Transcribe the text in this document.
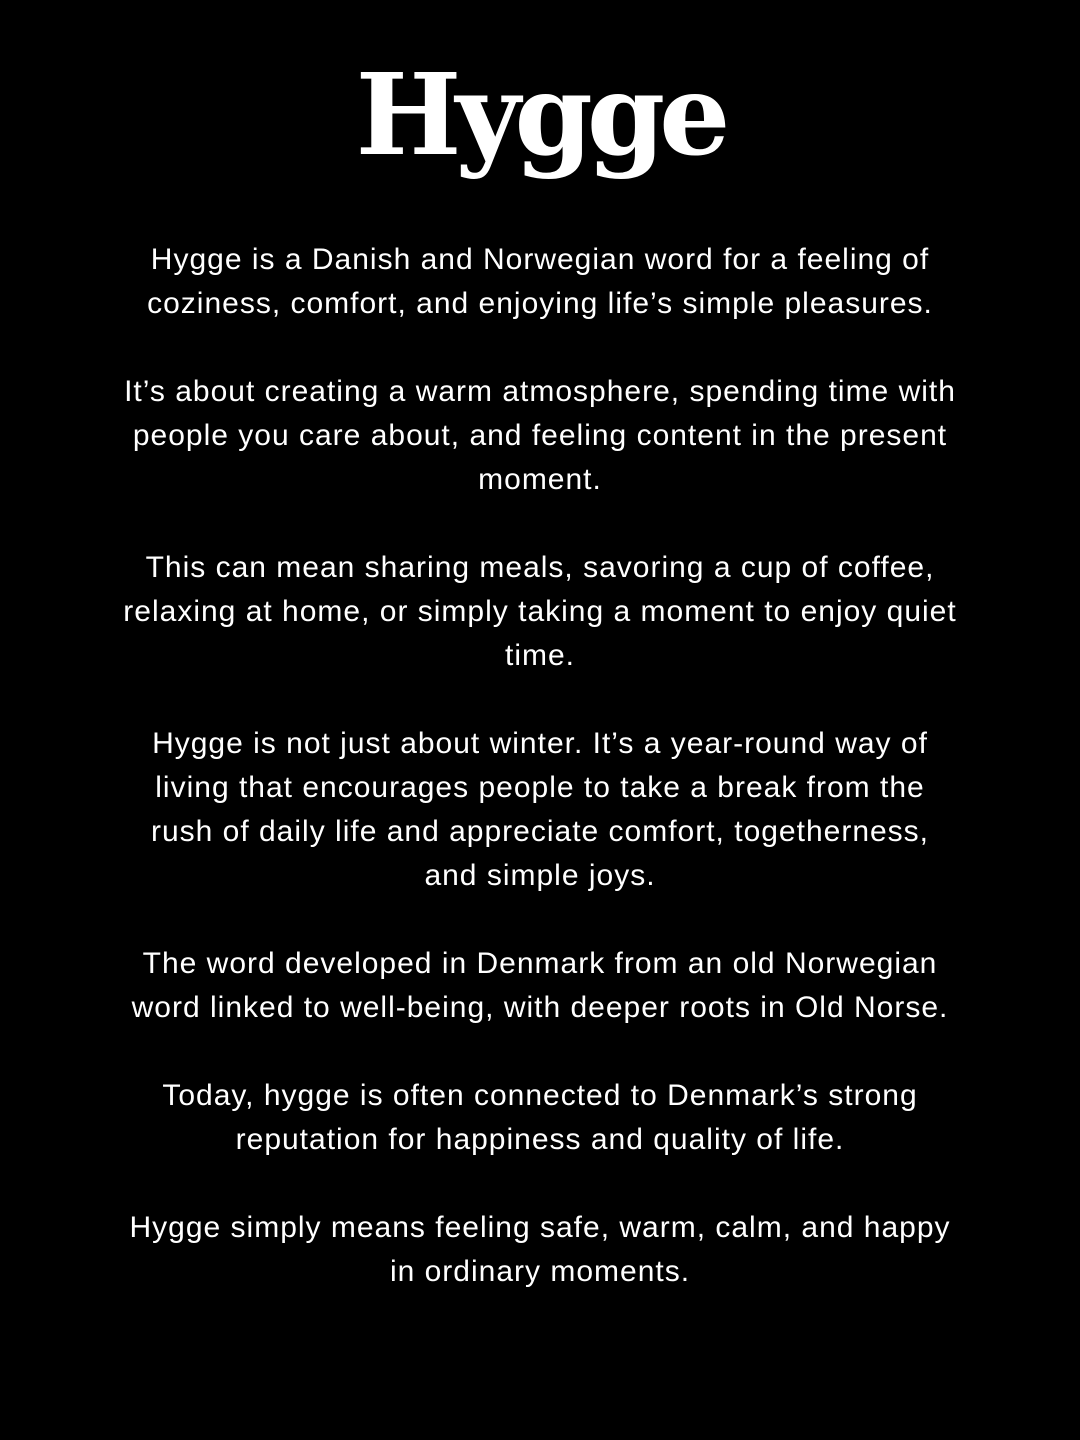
Hygge

Hygge is a Danish and Norwegian word for a feeling of
coziness, comfort, and enjoying life’s simple pleasures.

It’s about creating a warm atmosphere, spending time with
people you care about, and feeling content in the present
moment.

This can mean sharing meals, savoring a cup of coffee,
relaxing at home, or simply taking a moment to enjoy quiet
time.

Hygge is not just about winter. It’s a year-round way of
living that encourages people to take a break from the
rush of daily life and appreciate comfort, togetherness,
and simple joys.

The word developed in Denmark from an old Norwegian
word linked to well-being, with deeper roots in Old Norse.

Today, hygge is often connected to Denmark’s strong
reputation for happiness and quality of life.

Hygge simply means feeling safe, warm, calm, and happy
in ordinary moments.
